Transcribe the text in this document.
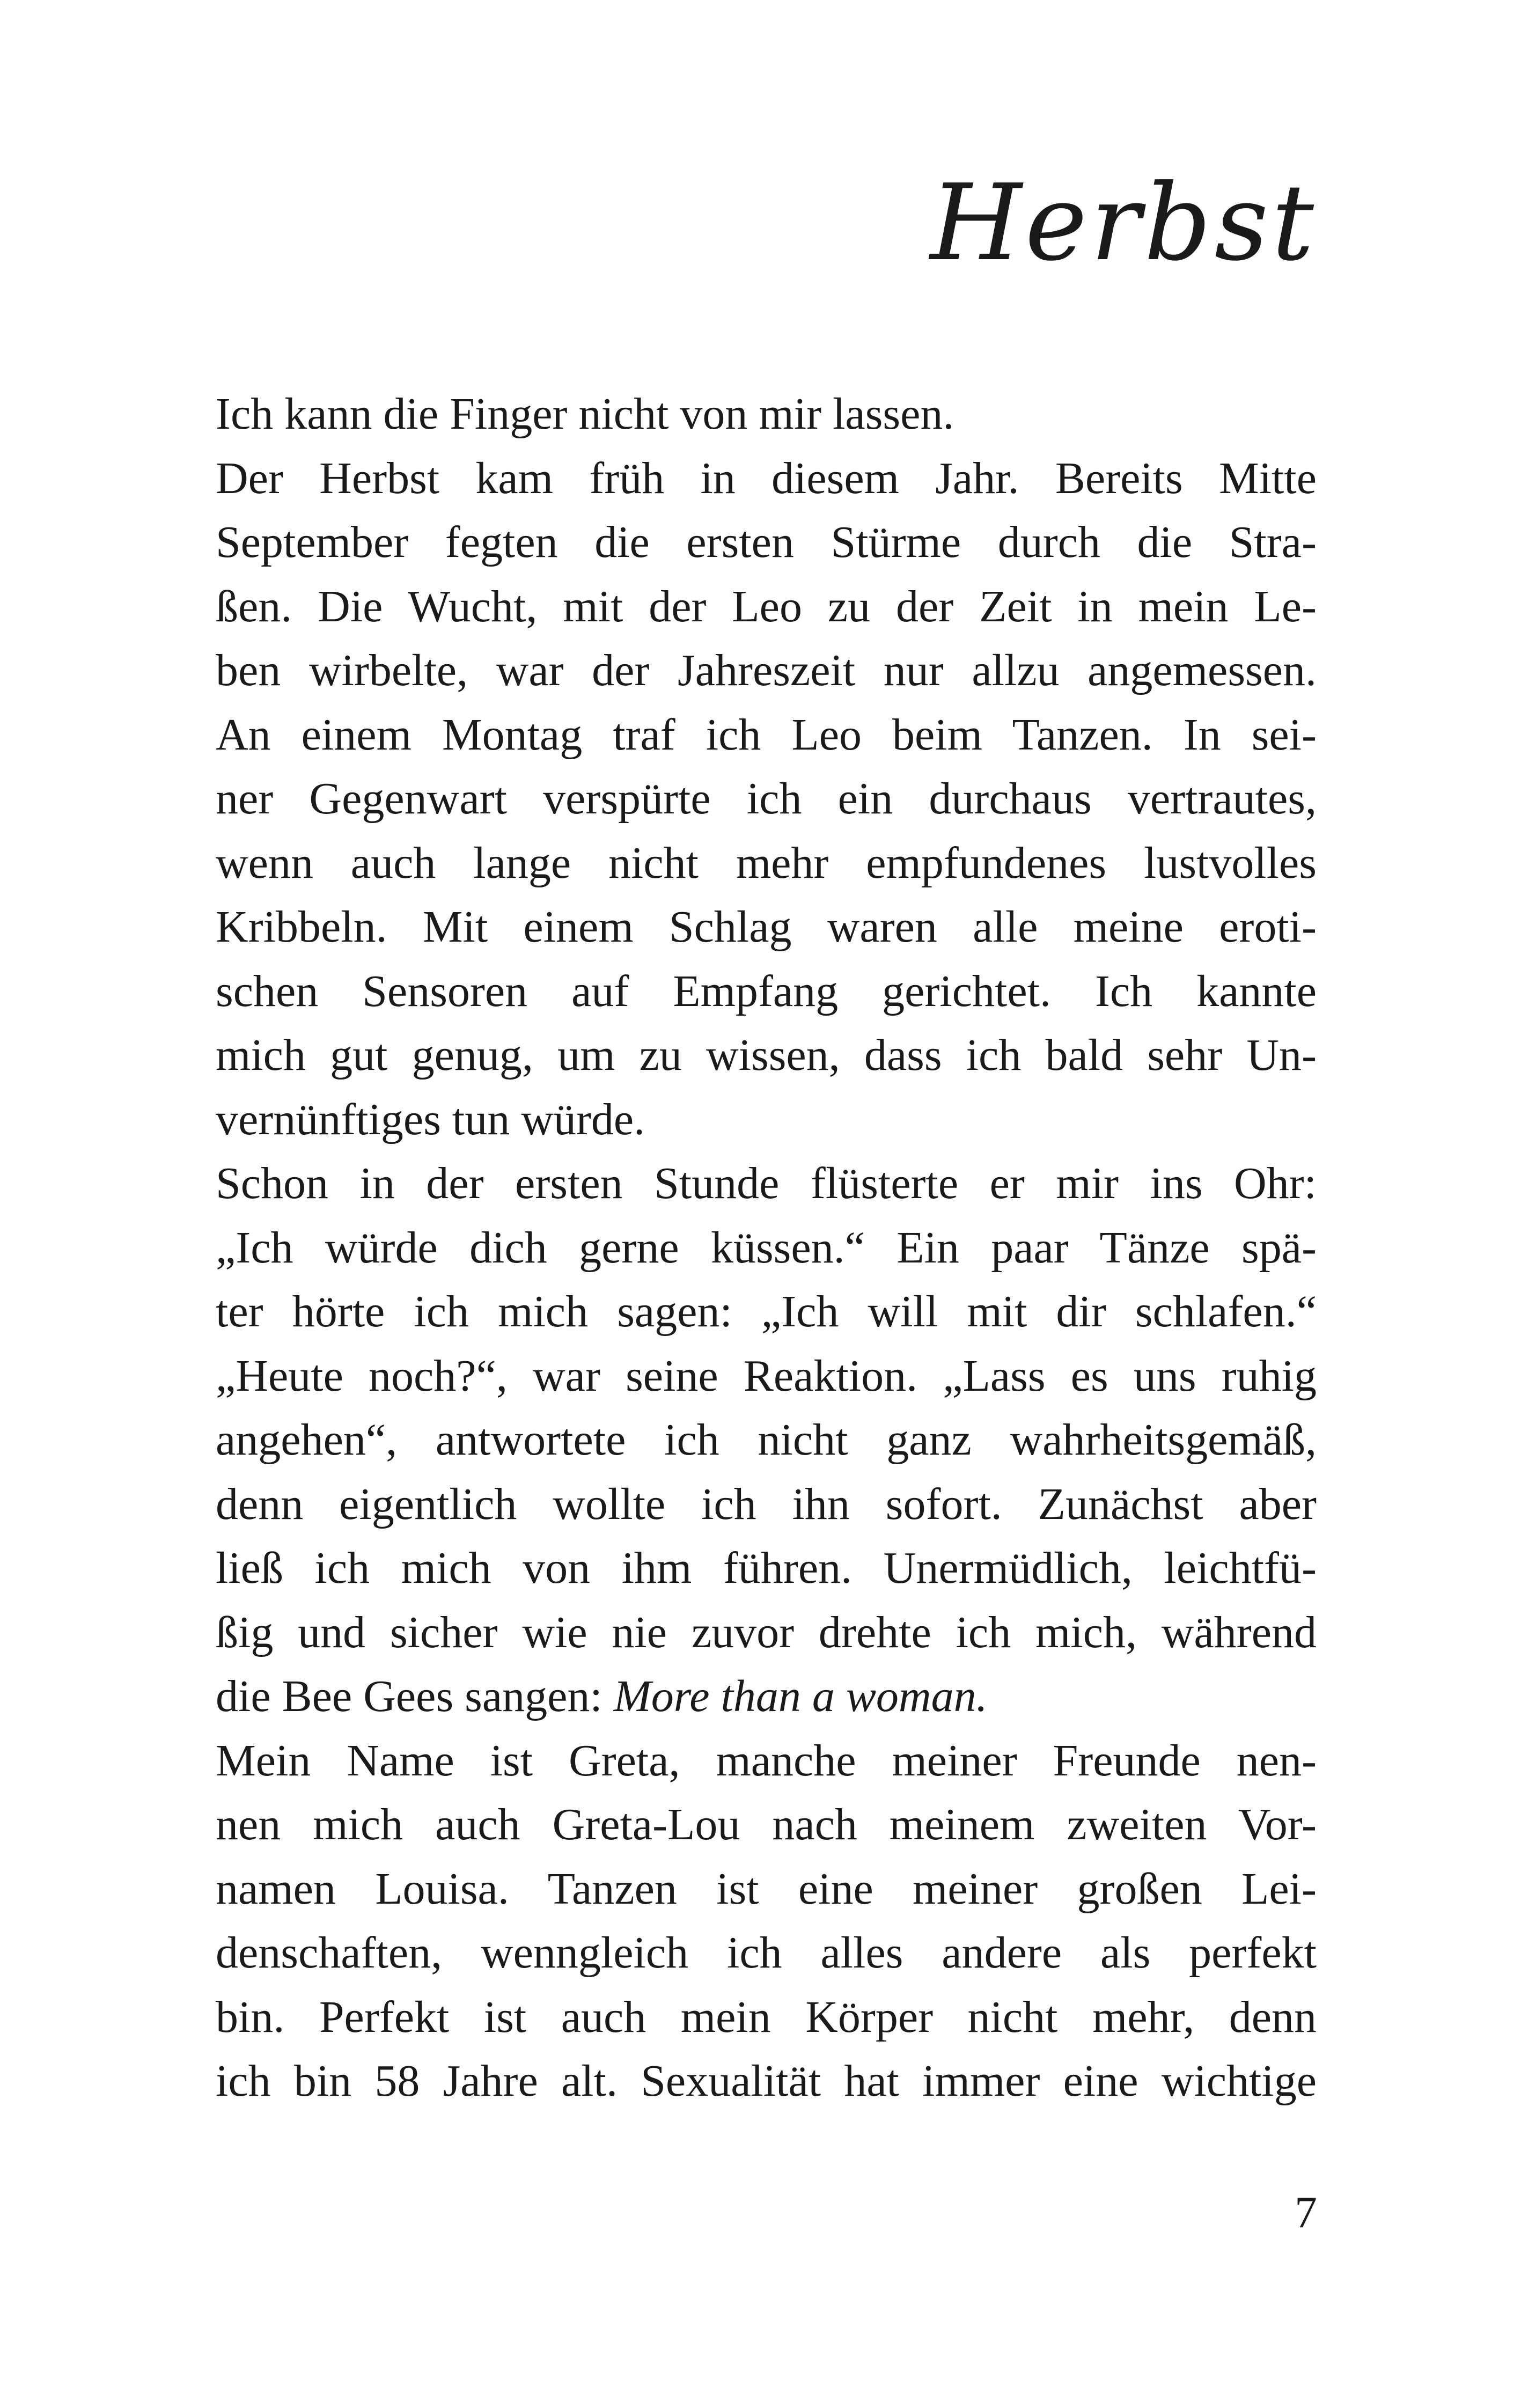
Herbst
Ich kann die Finger nicht von mir lassen.
Der Herbst kam früh in diesem Jahr. Bereits Mitte
September fegten die ersten Stürme durch die Stra-
ßen. Die Wucht, mit der Leo zu der Zeit in mein Le-
ben wirbelte, war der Jahreszeit nur allzu angemessen.
An einem Montag traf ich Leo beim Tanzen. In sei-
ner Gegenwart verspürte ich ein durchaus vertrautes,
wenn auch lange nicht mehr empfundenes lustvolles
Kribbeln. Mit einem Schlag waren alle meine eroti-
schen Sensoren auf Empfang gerichtet. Ich kannte
mich gut genug, um zu wissen, dass ich bald sehr Un-
vernünftiges tun würde.
Schon in der ersten Stunde flüsterte er mir ins Ohr:
„Ich würde dich gerne küssen.“ Ein paar Tänze spä-
ter hörte ich mich sagen: „Ich will mit dir schlafen.“
„Heute noch?“, war seine Reaktion. „Lass es uns ruhig
angehen“, antwortete ich nicht ganz wahrheitsgemäß,
denn eigentlich wollte ich ihn sofort. Zunächst aber
ließ ich mich von ihm führen. Unermüdlich, leichtfü-
ßig und sicher wie nie zuvor drehte ich mich, während
die Bee Gees sangen: More than a woman.
Mein Name ist Greta, manche meiner Freunde nen-
nen mich auch Greta-Lou nach meinem zweiten Vor-
namen Louisa. Tanzen ist eine meiner großen Lei-
denschaften, wenngleich ich alles andere als perfekt
bin. Perfekt ist auch mein Körper nicht mehr, denn
ich bin 58 Jahre alt. Sexualität hat immer eine wichtige
7
